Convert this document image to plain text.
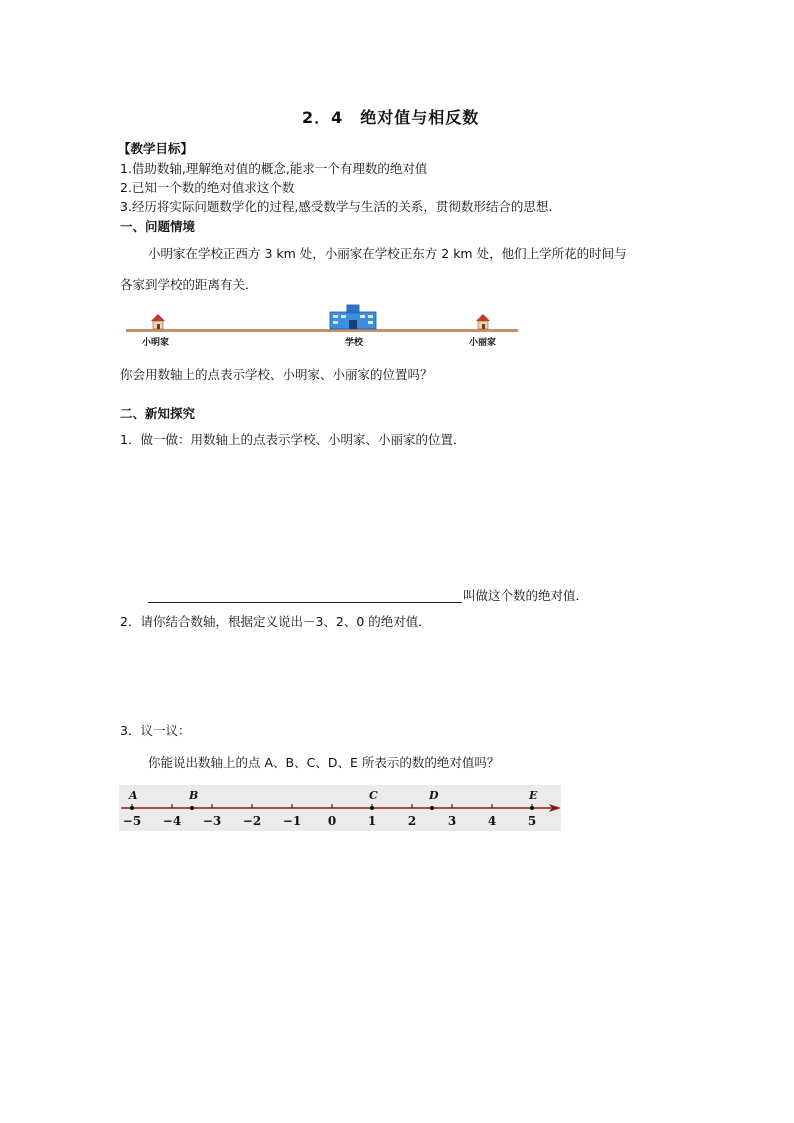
2．4　绝对值与相反数
【教学目标】
1.借助数轴,理解绝对值的概念,能求一个有理数的绝对值
2.已知一个数的绝对值求这个数
3.经历将实际问题数学化的过程,感受数学与生活的关系，贯彻数形结合的思想.
一、问题情境
小明家在学校正西方 3 km 处，小丽家在学校正东方 2 km 处，他们上学所花的时间与
各家到学校的距离有关．
小明家	学校	小丽家
你会用数轴上的点表示学校、小明家、小丽家的位置吗？
二、新知探究
1．做一做：用数轴上的点表示学校、小明家、小丽家的位置．
叫做这个数的绝对值．
2．请你结合数轴，根据定义说出－3、2、0 的绝对值．
3．议一议：
你能说出数轴上的点 A、B、C、D、E 所表示的数的绝对值吗？
−5 −4 −3 −2 −1 0	1	2	3	4	5
A	B	C	D	E
